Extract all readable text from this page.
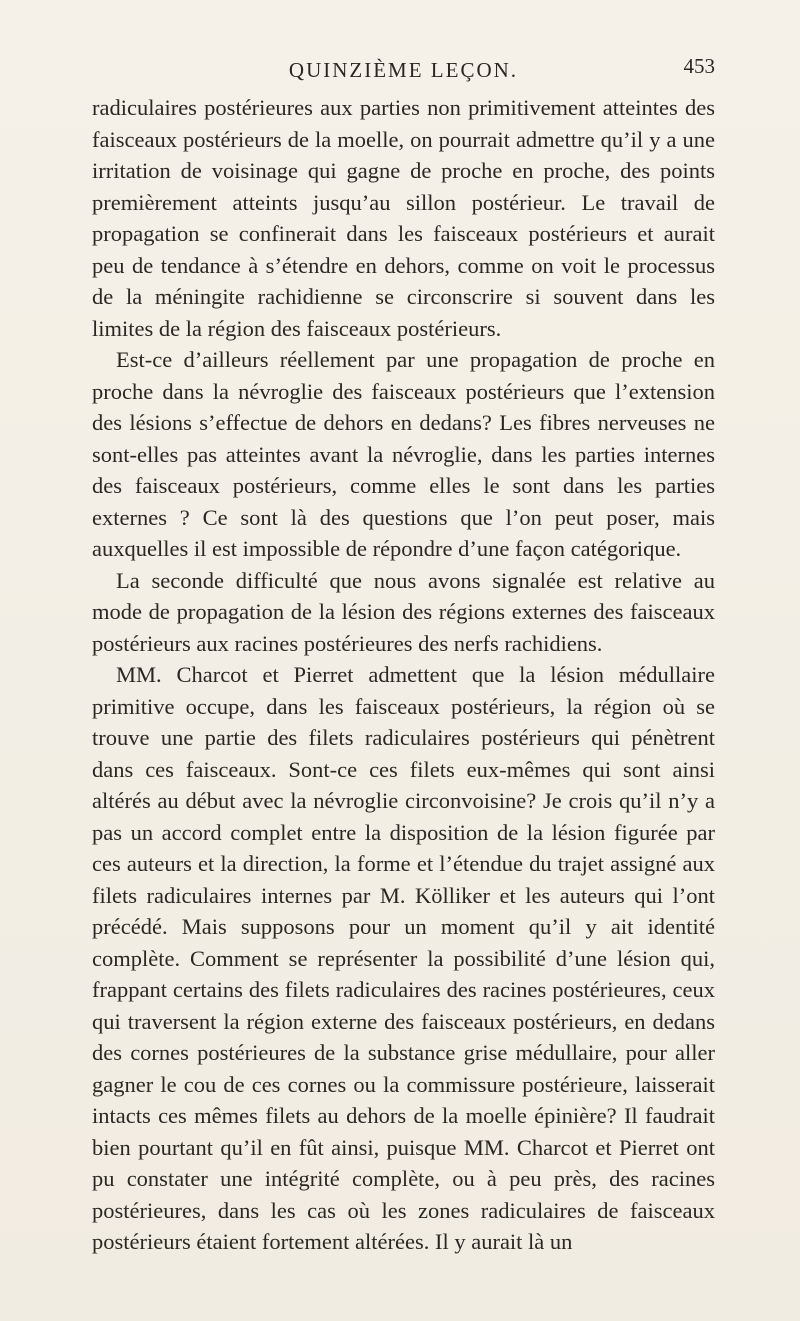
QUINZIÈME LEÇON.	453

radiculaires postérieures aux parties non primitivement atteintes des faisceaux postérieurs de la moelle, on pourrait admettre qu’il y a une irritation de voisinage qui gagne de proche en proche, des points premièrement atteints jusqu’au sillon postérieur. Le travail de propagation se confinerait dans les faisceaux postérieurs et aurait peu de tendance à s’étendre en dehors, comme on voit le processus de la méningite rachidienne se circonscrire si souvent dans les limites de la région des faisceaux postérieurs.

Est-ce d’ailleurs réellement par une propagation de proche en proche dans la névroglie des faisceaux postérieurs que l’extension des lésions s’effectue de dehors en dedans? Les fibres nerveuses ne sont-elles pas atteintes avant la névroglie, dans les parties internes des faisceaux postérieurs, comme elles le sont dans les parties externes ? Ce sont là des questions que l’on peut poser, mais auxquelles il est impossible de répondre d’une façon catégorique.

La seconde difficulté que nous avons signalée est relative au mode de propagation de la lésion des régions externes des faisceaux postérieurs aux racines postérieures des nerfs rachidiens.

MM. Charcot et Pierret admettent que la lésion médullaire primitive occupe, dans les faisceaux postérieurs, la région où se trouve une partie des filets radiculaires postérieurs qui pénètrent dans ces faisceaux. Sont-ce ces filets eux-mêmes qui sont ainsi altérés au début avec la névroglie circonvoisine? Je crois qu’il n’y a pas un accord complet entre la disposition de la lésion figurée par ces auteurs et la direction, la forme et l’étendue du trajet assigné aux filets radiculaires internes par M. Kölliker et les auteurs qui l’ont précédé. Mais supposons pour un moment qu’il y ait identité complète. Comment se représenter la possibilité d’une lésion qui, frappant certains des filets radiculaires des racines postérieures, ceux qui traversent la région externe des faisceaux postérieurs, en dedans des cornes postérieures de la substance grise médullaire, pour aller gagner le cou de ces cornes ou la commissure postérieure, laisserait intacts ces mêmes filets au dehors de la moelle épinière? Il faudrait bien pourtant qu’il en fût ainsi, puisque MM. Charcot et Pierret ont pu constater une intégrité complète, ou à peu près, des racines postérieures, dans les cas où les zones radiculaires de faisceaux postérieurs étaient fortement altérées. Il y aurait là un
